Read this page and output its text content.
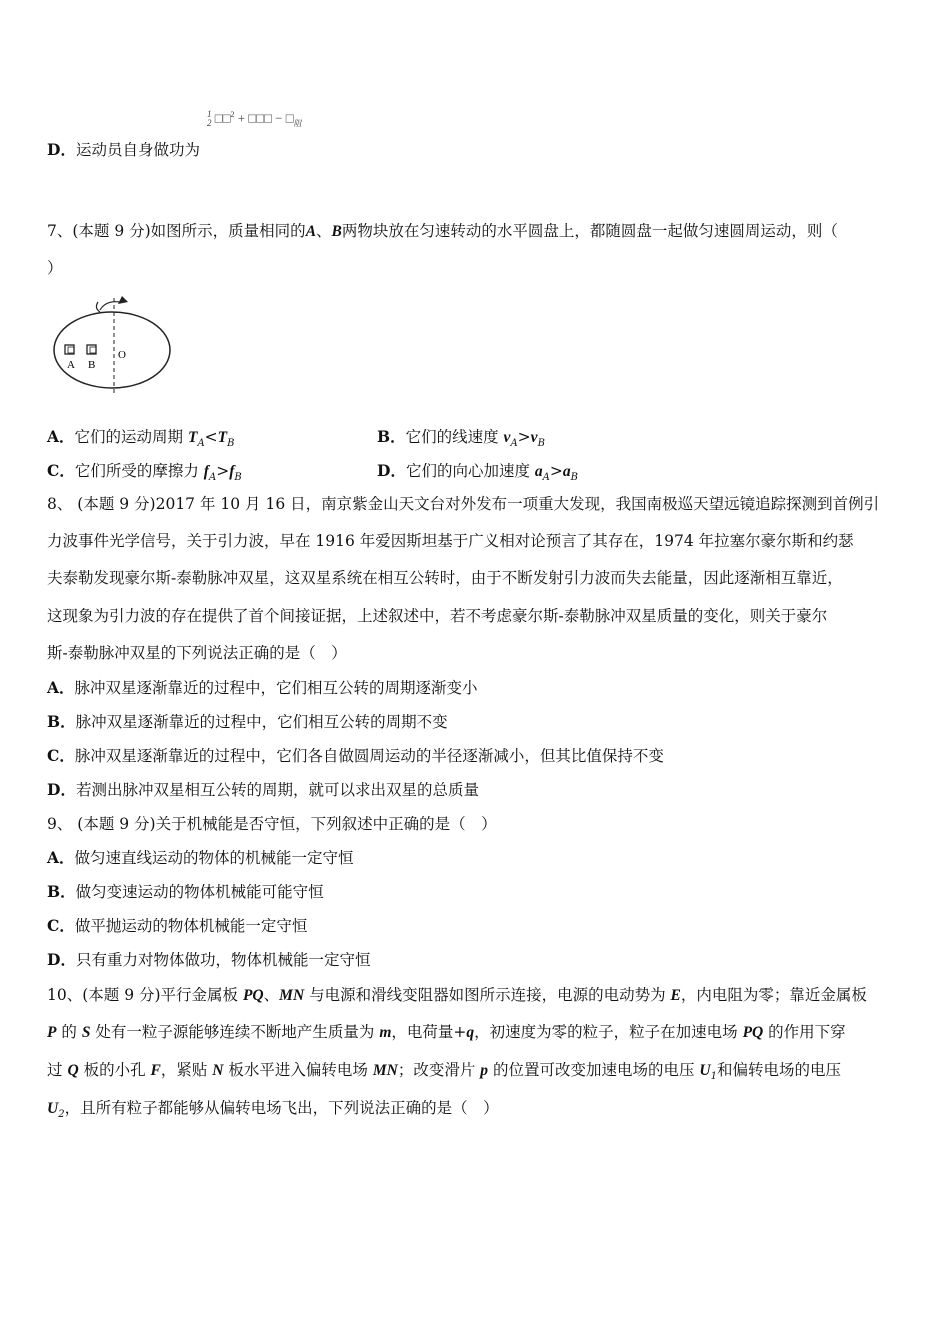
1
2 □□$^2$ + □□□ − $□_阻$
D．运动员自身做功为
7、(本题 9 分)如图所示，质量相同的A、B两物块放在匀速转动的水平圆盘上，都随圆盘一起做匀速圆周运动，则（
）
A B
O
A．它们的运动周期 $T_A<T_B$	B．它们的线速度 $v_A>v_B$
C．它们所受的摩擦力 $f_A>f_B$	D．它们的向心加速度 $a_A>a_B$
8、 (本题 9 分)2017 年 10 月 16 日，南京紫金山天文台对外发布一项重大发现，我国南极巡天望远镜追踪探测到首例引
力波事件光学信号，关于引力波，早在 1916 年爱因斯坦基于广义相对论预言了其存在，1974 年拉塞尔豪尔斯和约瑟
夫泰勒发现豪尔斯-泰勒脉冲双星，这双星系统在相互公转时，由于不断发射引力波而失去能量，因此逐渐相互靠近，
这现象为引力波的存在提供了首个间接证据，上述叙述中，若不考虑豪尔斯-泰勒脉冲双星质量的变化，则关于豪尔
斯-泰勒脉冲双星的下列说法正确的是（　）
A．脉冲双星逐渐靠近的过程中，它们相互公转的周期逐渐变小
B．脉冲双星逐渐靠近的过程中，它们相互公转的周期不变
C．脉冲双星逐渐靠近的过程中，它们各自做圆周运动的半径逐渐减小，但其比值保持不变
D．若测出脉冲双星相互公转的周期，就可以求出双星的总质量
9、 (本题 9 分)关于机械能是否守恒，下列叙述中正确的是（　）
A．做匀速直线运动的物体的机械能一定守恒
B．做匀变速运动的物体机械能可能守恒
C．做平抛运动的物体机械能一定守恒
D．只有重力对物体做功，物体机械能一定守恒
10、(本题 9 分)平行金属板 PQ、MN 与电源和滑线变阻器如图所示连接，电源的电动势为 E，内电阻为零；靠近金属板
P 的 S 处有一粒子源能够连续不断地产生质量为 m，电荷量+q，初速度为零的粒子，粒子在加速电场 PQ 的作用下穿
过 Q 板的小孔 F，紧贴 N 板水平进入偏转电场 MN；改变滑片 p 的位置可改变加速电场的电压 $U_1$和偏转电场的电压
$U_2$，且所有粒子都能够从偏转电场飞出，下列说法正确的是（　）
